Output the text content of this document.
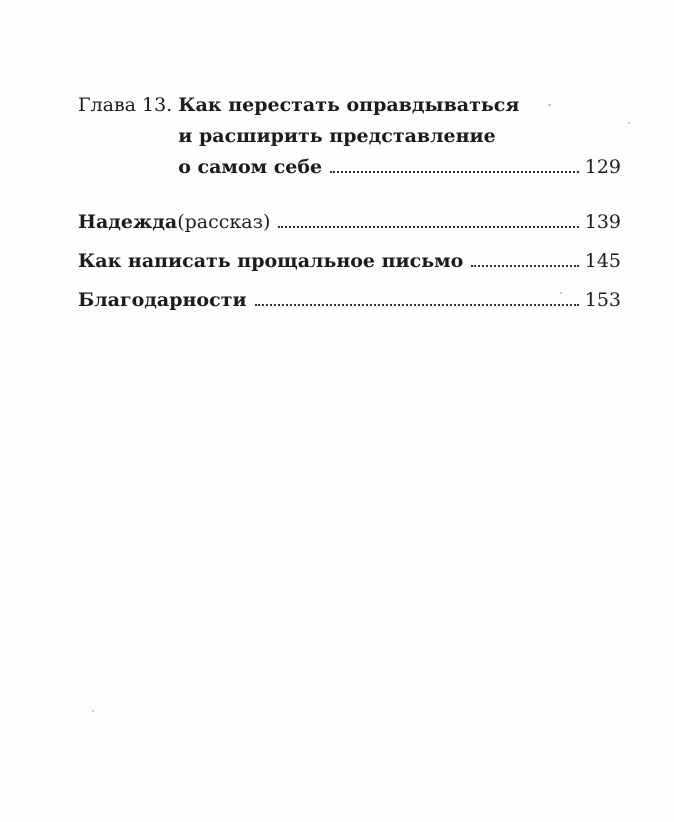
Глава 13. Как перестать оправдываться
и расширить представление
о самом себе	129
Надежда (рассказ)	139
Как написать прощальное письмо	145
Благодарности	153
